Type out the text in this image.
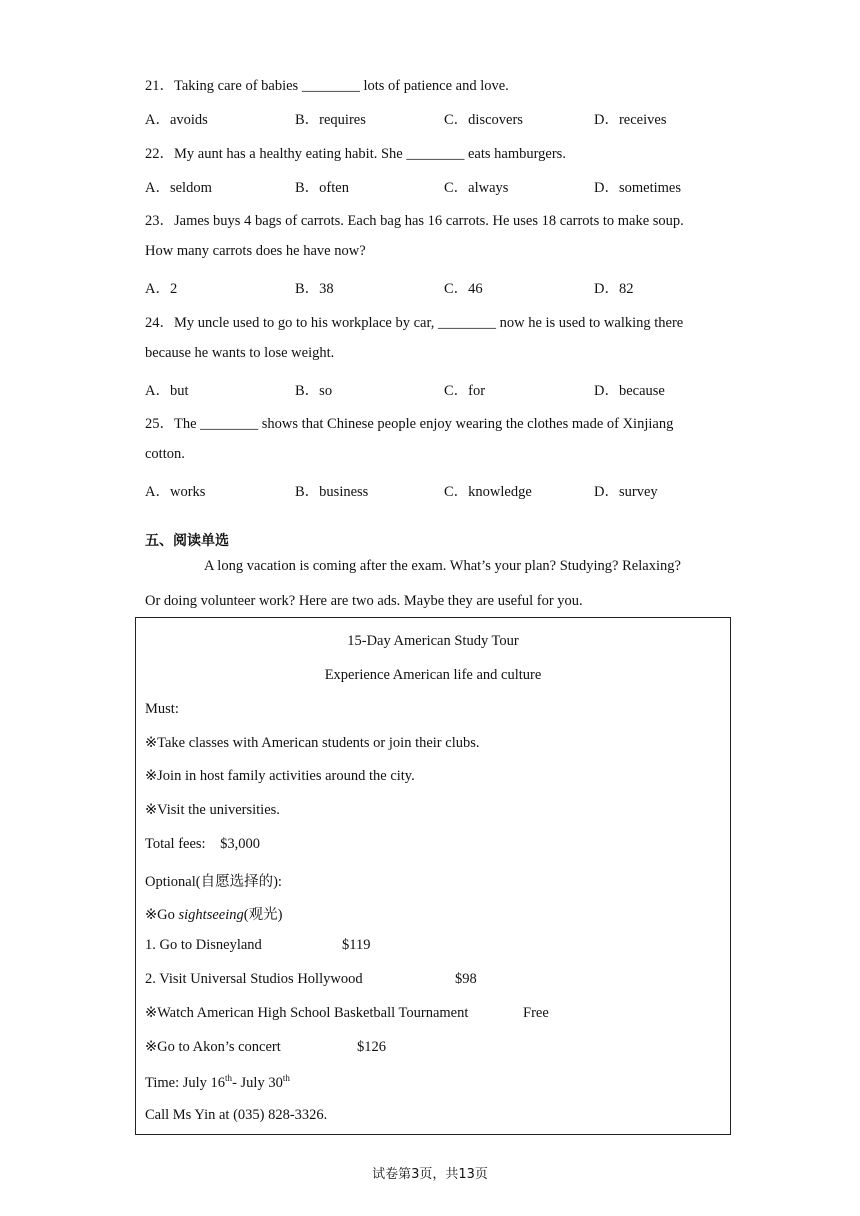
21．Taking care of babies ________ lots of patience and love.
A．avoids	B．requires	C．discovers	D．receives
22．My aunt has a healthy eating habit. She ________ eats hamburgers.
A．seldom	B．often	C．always	D．sometimes
23．James buys 4 bags of carrots. Each bag has 16 carrots. He uses 18 carrots to make soup.
How many carrots does he have now?
A．2	B．38	C．46	D．82
24．My uncle used to go to his workplace by car, ________ now he is used to walking there
because he wants to lose weight.
A．but	B．so	C．for	D．because
25．The ________ shows that Chinese people enjoy wearing the clothes made of Xinjiang
cotton.
A．works	B．business	C．knowledge	D．survey
五、阅读单选
A long vacation is coming after the exam. What’s your plan? Studying? Relaxing?
Or doing volunteer work? Here are two ads. Maybe they are useful for you.
15-Day American Study Tour
Experience American life and culture
Must:
※Take classes with American students or join their clubs.
※Join in host family activities around the city.
※Visit the universities.
Total fees: $3,000
Optional(自愿选择的):
※Go sightseeing(观光)
1. Go to Disneyland	$119
2. Visit Universal Studios Hollywood	$98
※Watch American High School Basketball Tournament	Free
※Go to Akon’s concert	$126
Time: July 16th- July 30th
Call Ms Yin at (035) 828-3326.
试卷第3页，共13页
